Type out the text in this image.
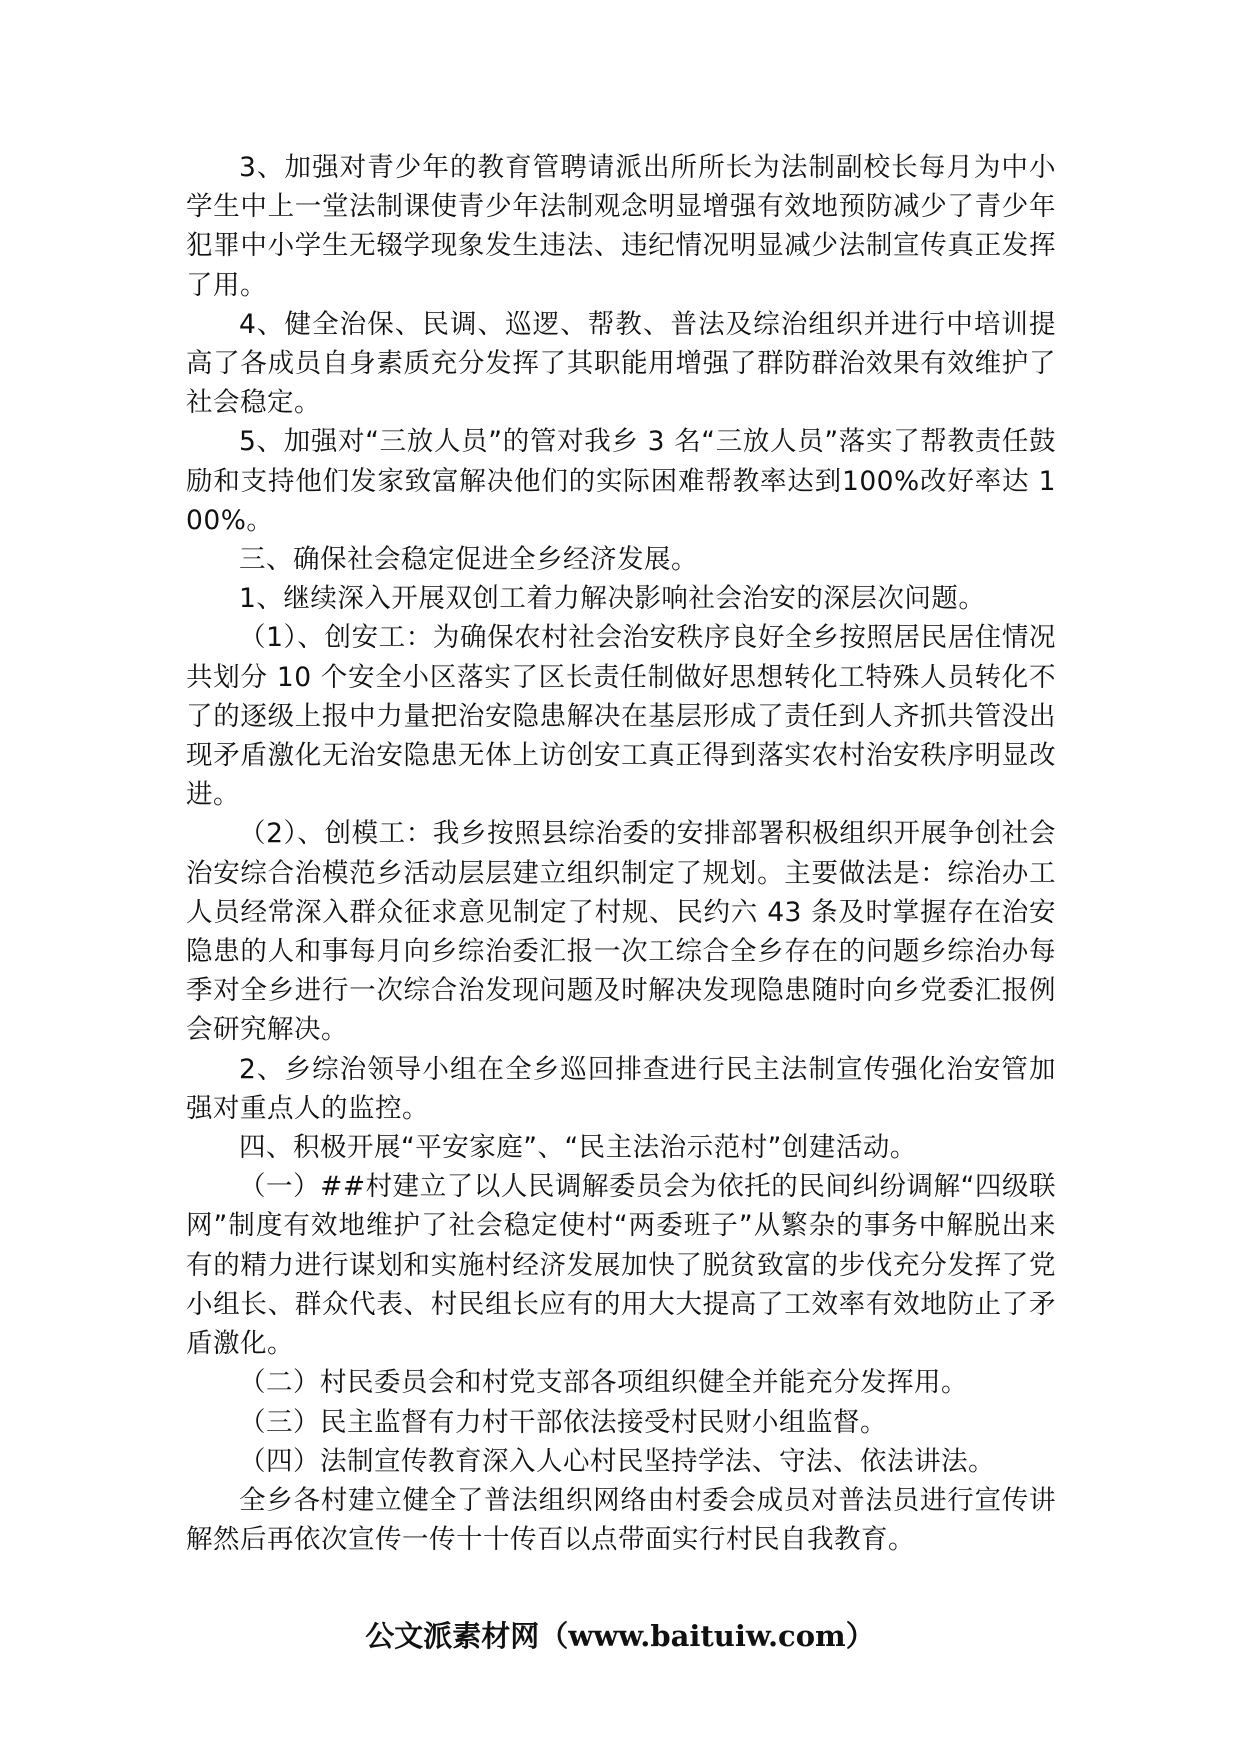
3、加强对青少年的教育管聘请派出所所长为法制副校长每月为中小学生中上一堂法制课使青少年法制观念明显增强有效地预防减少了青少年犯罪中小学生无辍学现象发生违法、违纪情况明显减少法制宣传真正发挥了用。

4、健全治保、民调、巡逻、帮教、普法及综治组织并进行中培训提高了各成员自身素质充分发挥了其职能用增强了群防群治效果有效维护了社会稳定。

5、加强对“三放人员”的管对我乡 3 名“三放人员”落实了帮教责任鼓励和支持他们发家致富解决他们的实际困难帮教率达到100%改好率达 100%。

三、确保社会稳定促进全乡经济发展。

1、继续深入开展双创工着力解决影响社会治安的深层次问题。

（1）、创安工：为确保农村社会治安秩序良好全乡按照居民居住情况共划分 10 个安全小区落实了区长责任制做好思想转化工特殊人员转化不了的逐级上报中力量把治安隐患解决在基层形成了责任到人齐抓共管没出现矛盾激化无治安隐患无体上访创安工真正得到落实农村治安秩序明显改进。

（2）、创模工：我乡按照县综治委的安排部署积极组织开展争创社会治安综合治模范乡活动层层建立组织制定了规划。主要做法是：综治办工人员经常深入群众征求意见制定了村规、民约六 43 条及时掌握存在治安隐患的人和事每月向乡综治委汇报一次工综合全乡存在的问题乡综治办每季对全乡进行一次综合治发现问题及时解决发现隐患随时向乡党委汇报例会研究解决。

2、乡综治领导小组在全乡巡回排查进行民主法制宣传强化治安管加强对重点人的监控。

四、积极开展“平安家庭”、“民主法治示范村”创建活动。

（一）##村建立了以人民调解委员会为依托的民间纠纷调解“四级联网”制度有效地维护了社会稳定使村“两委班子”从繁杂的事务中解脱出来有的精力进行谋划和实施村经济发展加快了脱贫致富的步伐充分发挥了党小组长、群众代表、村民组长应有的用大大提高了工效率有效地防止了矛盾激化。

（二）村民委员会和村党支部各项组织健全并能充分发挥用。

（三）民主监督有力村干部依法接受村民财小组监督。

（四）法制宣传教育深入人心村民坚持学法、守法、依法讲法。

全乡各村建立健全了普法组织网络由村委会成员对普法员进行宣传讲解然后再依次宣传一传十十传百以点带面实行村民自我教育。

公文派素材网（www.baituiw.com）
